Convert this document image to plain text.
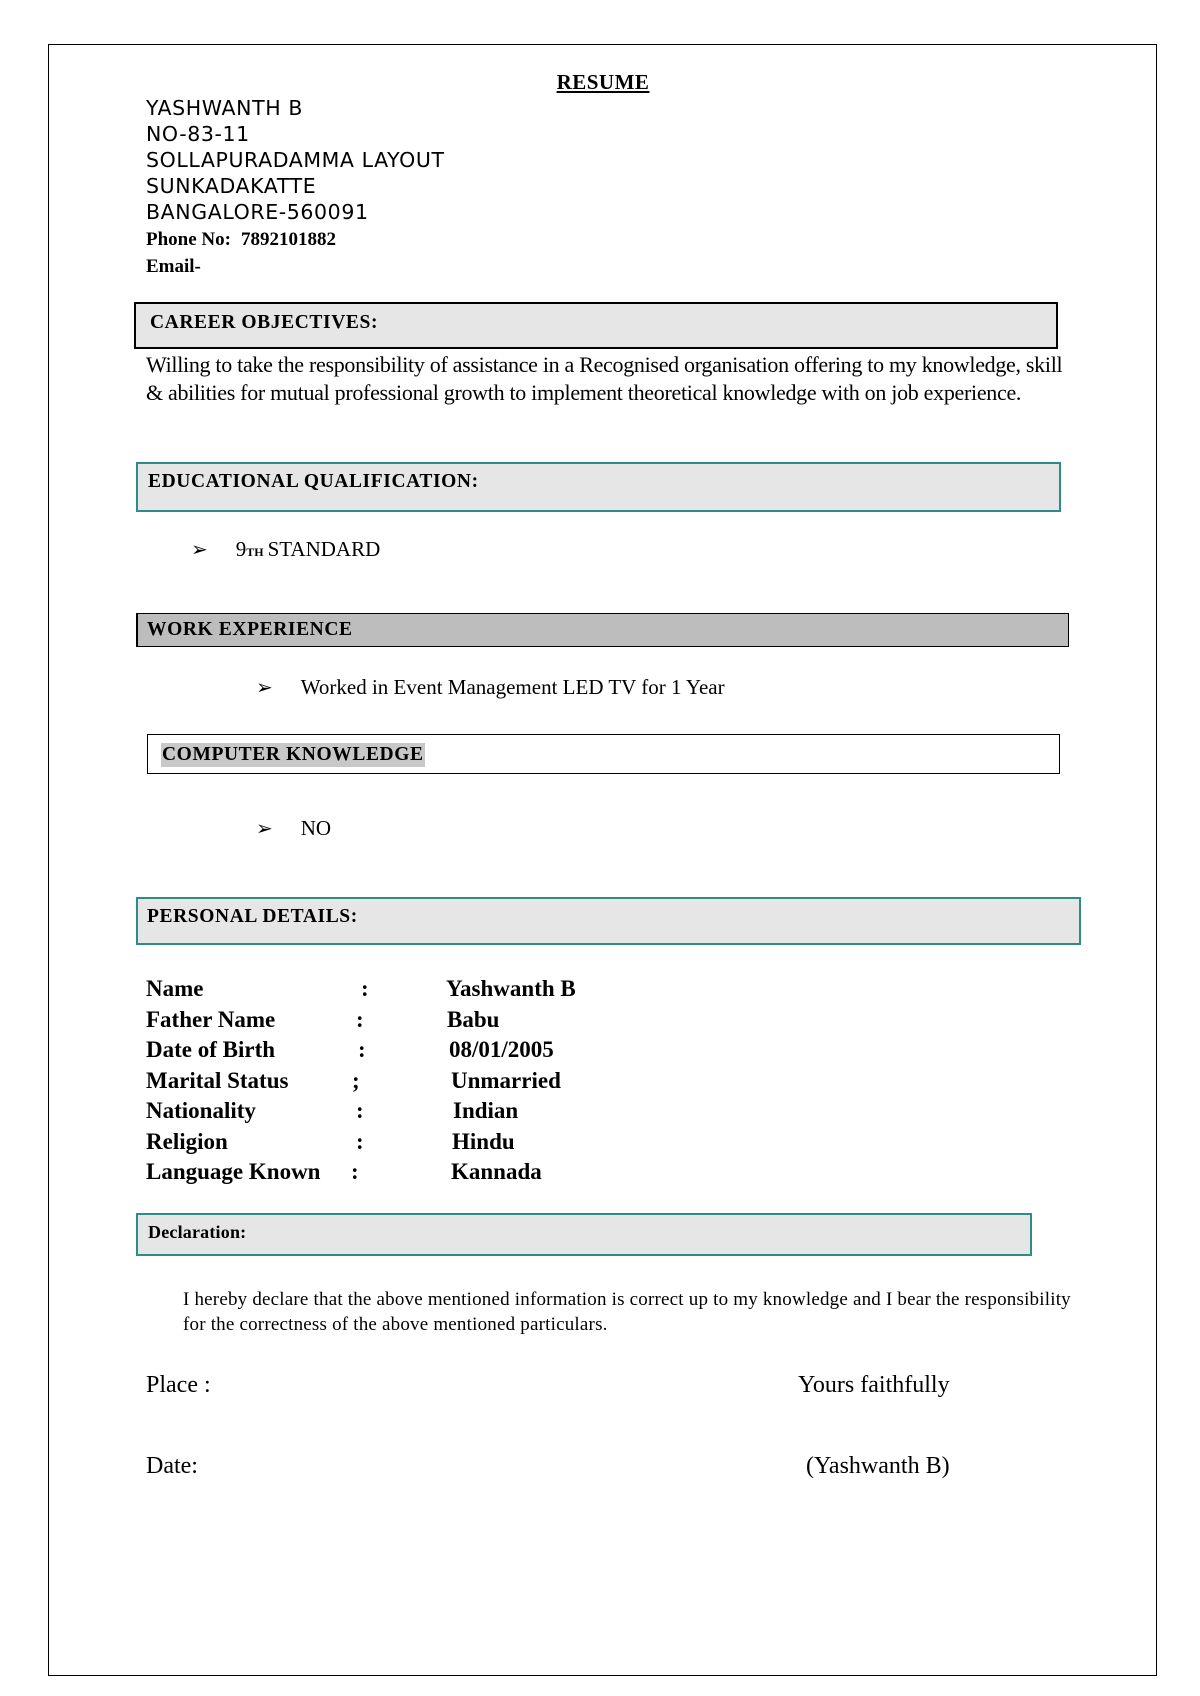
RESUME
YASHWANTH B
NO-83-11
SOLLAPURADAMMA LAYOUT
SUNKADAKATTE
BANGALORE-560091
Phone No: 7892101882
Email-
CAREER OBJECTIVES:
Willing to take the responsibility of assistance in a Recognised organisation offering to my knowledge, skill & abilities for mutual professional growth to implement theoretical knowledge with on job experience.
EDUCATIONAL QUALIFICATION:
➢ 9 TH STANDARD
WORK EXPERIENCE
➢ Worked in Event Management LED TV for 1 Year
COMPUTER KNOWLEDGE
➢ NO
PERSONAL DETAILS:
Name	:	Yashwanth B
Father Name	:	Babu
Date of Birth	:	08/01/2005
Marital Status	;	Unmarried
Nationality	:	Indian
Religion	:	Hindu
Language Known :	Kannada
Declaration:
I hereby declare that the above mentioned information is correct up to my knowledge and I bear the responsibility for the correctness of the above mentioned particulars.
Place :
Date:
Yours faithfully
(Yashwanth B)
